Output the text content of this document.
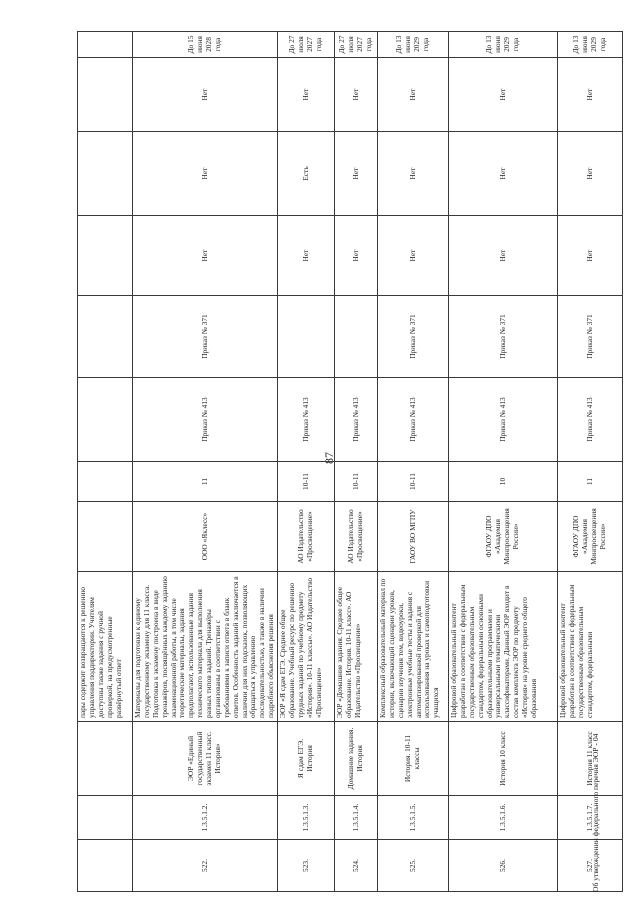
87
			пары содержит возвращаются к решению управления поддиректории. Учителям доступны также задания с ручной проверкой, на предусмотренные развёрнутый ответ								
522.	1.3.5.1.2.	ЭОР «Единый государственный экзамен 11 класс. История»	Материалы для подготовки к единому государственному экзамену для 11 класса. Подготовка к экзамену построена в виде тренажёров, посвящённых каждому заданию экзаменационной работы, в том числе теоретические материалы, задания предполагают, использованные задания технического материала для выполнения разных типов заданий. Тренажёры организованы в соответствии с требованиями к записи ответа в бланк ответов. Особенность заданий заключается в наличии для них подсказок, позволяющих обращаться к управлению последовательностью, а также в наличии подробного объяснения решения	ООО «Яклесс»	11	Приказ № 413	Приказ № 371	Нет	Нет	Нет	До 15 июня 2028 года
523.	1.3.5.1.3.	Я сдам ЕГЭ. История	ЭОР «Я сдам ЕГЭ. Среднее общее образование. Учебный ресурс по решению трудных заданий по учебному предмету «История». 10-11 классы». АО Издательство «Просвещение»	АО Издательство «Просвещение»	10-11	Приказ № 413		Нет	Есть	Нет	До 27 июля 2027 года
524.	1.3.5.1.4.	Домашние задания. История	ЭОР «Домашние задания. Среднее общее образование. История. 10-11 класс». АО Издательство «Просвещение»	АО Издательство «Просвещение»	10-11	Приказ № 413		Нет	Нет	Нет	До 27 июля 2027 года
525.	1.3.5.1.5.	История. 10-11 классы	Комплексный образовательный материал по истории, включающий сценарии уроков, сценарии изучения тем, видеоуроки, электронные учебные тесты и задания с автоматизированной проверкой для использования на уроках и самоподготовки учащихся	ГАОУ ВО МГПУ	10-11	Приказ № 413	Приказ № 371	Нет	Нет	Нет	До 13 июня 2029 года
526.	1.3.5.1.6.	История 10 класс	Цифровой образовательный контент разработан в соответствии с федеральным государственным образовательным стандартом, федеральными основными образовательными программами и универсальными тематическими классификаторами. Данный ЭОР входит в состав комплекта ЭОР по предмету «История» на уровне среднего общего образования	ФГАОУ ДПО «Академия Минпросвещения России»	10	Приказ № 413	Приказ № 371	Нет	Нет	Нет	До 13 июня 2029 года
527.	1.3.5.1.7.	История 11 класс	Цифровой образовательный контент разработан в соответствии с федеральным государственным образовательным стандартом, федеральными	ФГАОУ ДПО «Академия Минпросвещения России»	11	Приказ № 413	Приказ № 371	Нет	Нет	Нет	До 13 июня 2029 года
Об утверждении федерального перечня ЭОР - 04
